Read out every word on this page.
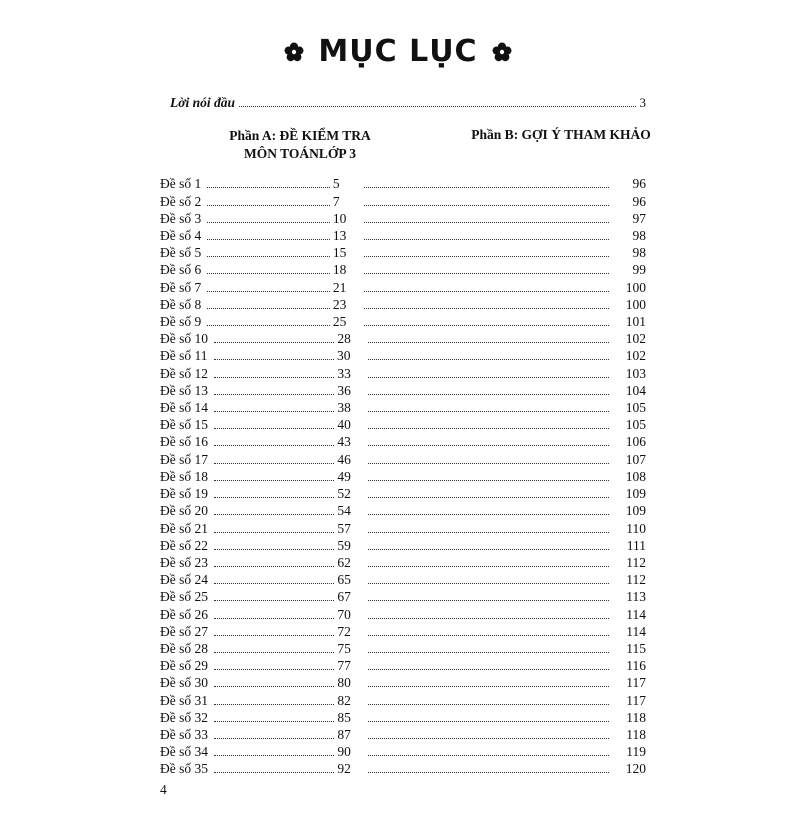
MỤC LỤC
Lời nói đầu	3
Phần A: ĐỀ KIỂM TRA
MÔN TOÁNLỚP 3
Phần B: GỢI Ý THAM KHẢO
Đề số 1	5	96
Đề số 2	7	96
Đề số 3	10	97
Đề số 4	13	98
Đề số 5	15	98
Đề số 6	18	99
Đề số 7	21	100
Đề số 8	23	100
Đề số 9	25	101
Đề số 10	28	102
Đề số 11	30	102
Đề số 12	33	103
Đề số 13	36	104
Đề số 14	38	105
Đề số 15	40	105
Đề số 16	43	106
Đề số 17	46	107
Đề số 18	49	108
Đề số 19	52	109
Đề số 20	54	109
Đề số 21	57	110
Đề số 22	59	111
Đề số 23	62	112
Đề số 24	65	112
Đề số 25	67	113
Đề số 26	70	114
Đề số 27	72	114
Đề số 28	75	115
Đề số 29	77	116
Đề số 30	80	117
Đề số 31	82	117
Đề số 32	85	118
Đề số 33	87	118
Đề số 34	90	119
Đề số 35	92	120
4
